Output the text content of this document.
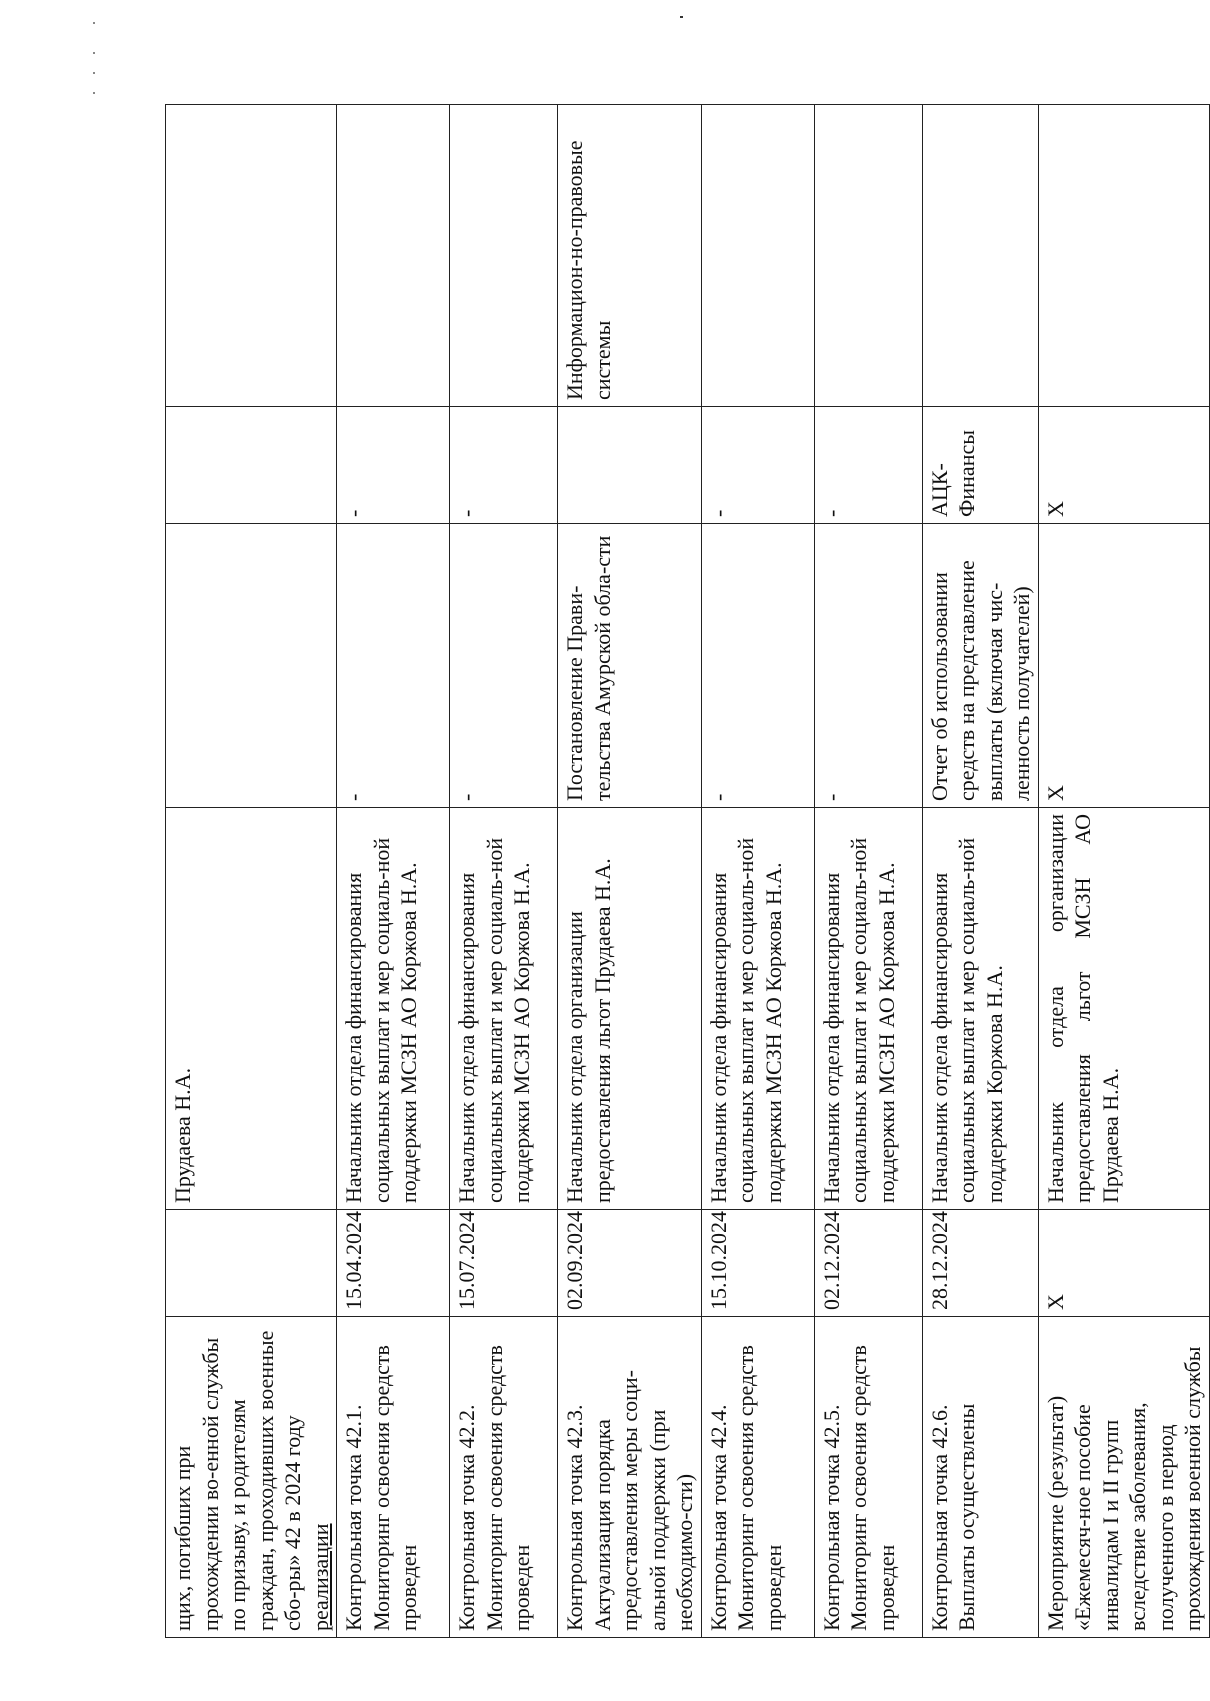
щих, погибших при прохождении во-енной службы по призыву, и родителям граждан, проходивших военные сбо-ры» 42 в 2024 году реализации		Прудаева Н.А.			
Контрольная точка 42.1. Мониторинг освоения средств проведен	15.04.2024	Начальник отдела финансирования социальных выплат и мер социаль-ной поддержки МСЗН АО Коржова Н.А.	-	-	
Контрольная точка 42.2. Мониторинг освоения средств проведен	15.07.2024	Начальник отдела финансирования социальных выплат и мер социаль-ной поддержки МСЗН АО Коржова Н.А.	-	-	
Контрольная точка 42.3. Актуализация порядка предоставления меры соци-альной поддержки (при необходимо-сти)	02.09.2024	Начальник отдела организации предоставления льгот Прудаева Н.А.	Постановление Прави-тельства Амурской обла-сти		Информацион-но-правовые системы
Контрольная точка 42.4. Мониторинг освоения средств проведен	15.10.2024	Начальник отдела финансирования социальных выплат и мер социаль-ной поддержки МСЗН АО Коржова Н.А.	-	-	
Контрольная точка 42.5. Мониторинг освоения средств проведен	02.12.2024	Начальник отдела финансирования социальных выплат и мер социаль-ной поддержки МСЗН АО Коржова Н.А.	-	-	
Контрольная точка 42.6. Выплаты осуществлены	28.12.2024	Начальник отдела финансирования социальных выплат и мер социаль-ной поддержки Коржова Н.А.	Отчет об использовании средств на представление выплаты (включая чис-ленность получателей)	АЦК-Финансы	
Мероприятие (результат) «Ежемесяч-ное пособие инвалидам I и II групп вследствие заболевания, полученного в период прохождения военной службы	Х	Начальник отдела организации предоставления льгот МСЗН АО Прудаева Н.А.	Х	Х	
